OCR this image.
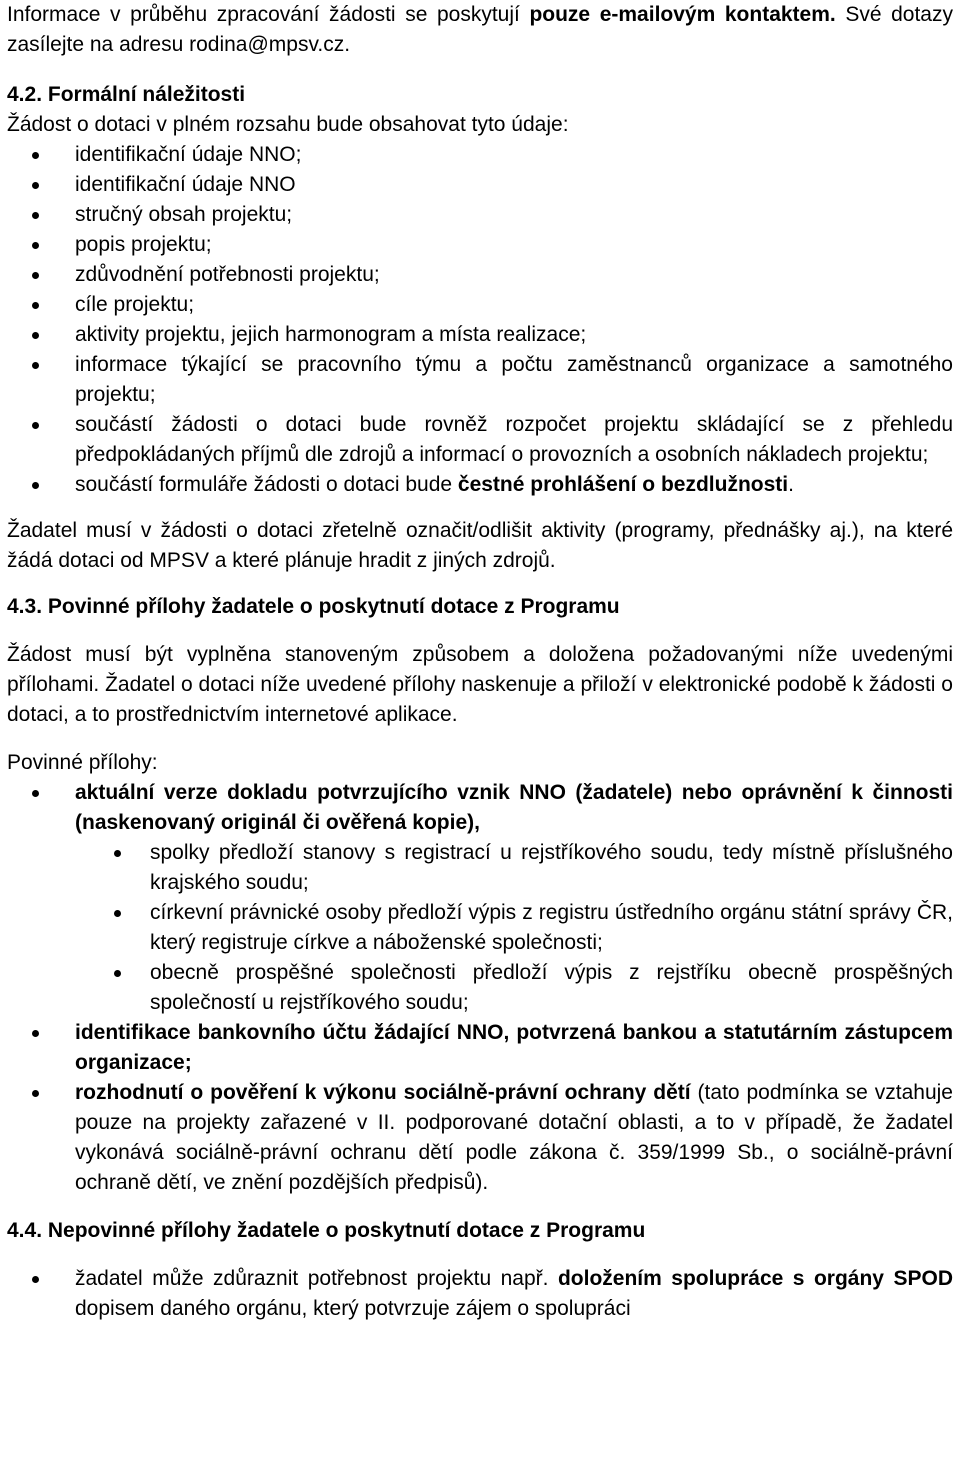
Informace v průběhu zpracování žádosti se poskytují pouze e-mailovým kontaktem. Své dotazy zasílejte na adresu rodina@mpsv.cz.

4.2. Formální náležitosti

Žádost o dotaci v plném rozsahu bude obsahovat tyto údaje:

identifikační údaje NNO;
identifikační údaje NNO
stručný obsah projektu;
popis projektu;
zdůvodnění potřebnosti projektu;
cíle projektu;
aktivity projektu, jejich harmonogram a místa realizace;
informace týkající se pracovního týmu a počtu zaměstnanců organizace a samotného projektu;
součástí žádosti o dotaci bude rovněž rozpočet projektu skládající se z přehledu předpokládaných příjmů dle zdrojů a informací o provozních a osobních nákladech projektu;
součástí formuláře žádosti o dotaci bude čestné prohlášení o bezdlužnosti.

Žadatel musí v žádosti o dotaci zřetelně označit/odlišit aktivity (programy, přednášky aj.), na které žádá dotaci od MPSV a které plánuje hradit z jiných zdrojů.

4.3. Povinné přílohy žadatele o poskytnutí dotace z Programu

Žádost musí být vyplněna stanoveným způsobem a doložena požadovanými níže uvedenými přílohami. Žadatel o dotaci níže uvedené přílohy naskenuje a přiloží v elektronické podobě k žádosti o dotaci, a to prostřednictvím internetové aplikace.

Povinné přílohy:

aktuální verze dokladu potvrzujícího vznik NNO (žadatele) nebo oprávnění k činnosti (naskenovaný originál či ověřená kopie),
spolky předloží stanovy s registrací u rejstříkového soudu, tedy místně příslušného krajského soudu;
církevní právnické osoby předloží výpis z registru ústředního orgánu státní správy ČR, který registruje církve a náboženské společnosti;
obecně prospěšné společnosti předloží výpis z rejstříku obecně prospěšných společností u rejstříkového soudu;
identifikace bankovního účtu žádající NNO, potvrzená bankou a statutárním zástupcem organizace;
rozhodnutí o pověření k výkonu sociálně-právní ochrany dětí (tato podmínka se vztahuje pouze na projekty zařazené v II. podporované dotační oblasti, a to v případě, že žadatel vykonává sociálně-právní ochranu dětí podle zákona č. 359/1999 Sb., o sociálně-právní ochraně dětí, ve znění pozdějších předpisů).

4.4. Nepovinné přílohy žadatele o poskytnutí dotace z Programu

žadatel může zdůraznit potřebnost projektu např. doložením spolupráce s orgány SPOD dopisem daného orgánu, který potvrzuje zájem o spolupráci
